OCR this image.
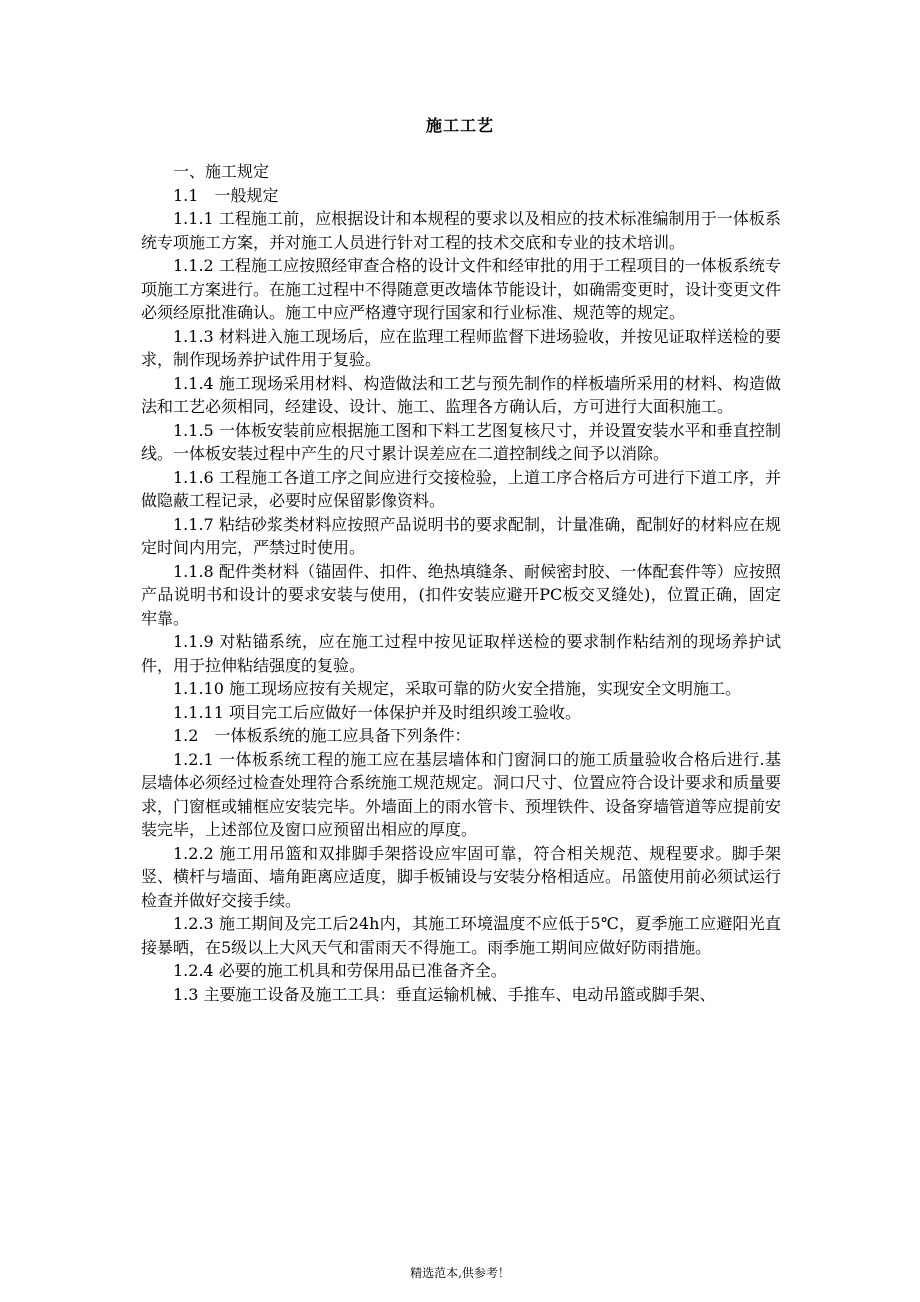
施工工艺

一、施工规定

1.1　一般规定

1.1.1 工程施工前，应根据设计和本规程的要求以及相应的技术标准编制用于一体板系统专项施工方案，并对施工人员进行针对工程的技术交底和专业的技术培训。

1.1.2 工程施工应按照经审查合格的设计文件和经审批的用于工程项目的一体板系统专项施工方案进行。在施工过程中不得随意更改墙体节能设计，如确需变更时，设计变更文件必须经原批准确认。施工中应严格遵守现行国家和行业标准、规范等的规定。

1.1.3 材料进入施工现场后，应在监理工程师监督下进场验收，并按见证取样送检的要求，制作现场养护试件用于复验。

1.1.4 施工现场采用材料、构造做法和工艺与预先制作的样板墙所采用的材料、构造做法和工艺必须相同，经建设、设计、施工、监理各方确认后，方可进行大面积施工。

1.1.5 一体板安装前应根据施工图和下料工艺图复核尺寸，并设置安装水平和垂直控制线。一体板安装过程中产生的尺寸累计误差应在二道控制线之间予以消除。

1.1.6 工程施工各道工序之间应进行交接检验，上道工序合格后方可进行下道工序，并做隐蔽工程记录，必要时应保留影像资料。

1.1.7 粘结砂浆类材料应按照产品说明书的要求配制，计量准确，配制好的材料应在规定时间内用完，严禁过时使用。

1.1.8 配件类材料（锚固件、扣件、绝热填缝条、耐候密封胶、一体配套件等）应按照产品说明书和设计的要求安装与使用，(扣件安装应避开PC板交叉缝处)，位置正确，固定牢靠。

1.1.9 对粘锚系统，应在施工过程中按见证取样送检的要求制作粘结剂的现场养护试件，用于拉伸粘结强度的复验。

1.1.10 施工现场应按有关规定，采取可靠的防火安全措施，实现安全文明施工。

1.1.11 项目完工后应做好一体保护并及时组织竣工验收。

1.2　一体板系统的施工应具备下列条件：

1.2.1 一体板系统工程的施工应在基层墙体和门窗洞口的施工质量验收合格后进行.基层墙体必须经过检查处理符合系统施工规范规定。洞口尺寸、位置应符合设计要求和质量要求，门窗框或辅框应安装完毕。外墙面上的雨水管卡、预埋铁件、设备穿墙管道等应提前安装完毕，上述部位及窗口应预留出相应的厚度。

1.2.2 施工用吊篮和双排脚手架搭设应牢固可靠，符合相关规范、规程要求。脚手架竖、横杆与墙面、墙角距离应适度，脚手板铺设与安装分格相适应。吊篮使用前必须试运行检查并做好交接手续。

1.2.3 施工期间及完工后24h内，其施工环境温度不应低于5℃，夏季施工应避阳光直接暴晒，在5级以上大风天气和雷雨天不得施工。雨季施工期间应做好防雨措施。

1.2.4 必要的施工机具和劳保用品已准备齐全。

1.3 主要施工设备及施工工具：垂直运输机械、手推车、电动吊篮或脚手架、

精选范本,供参考！
